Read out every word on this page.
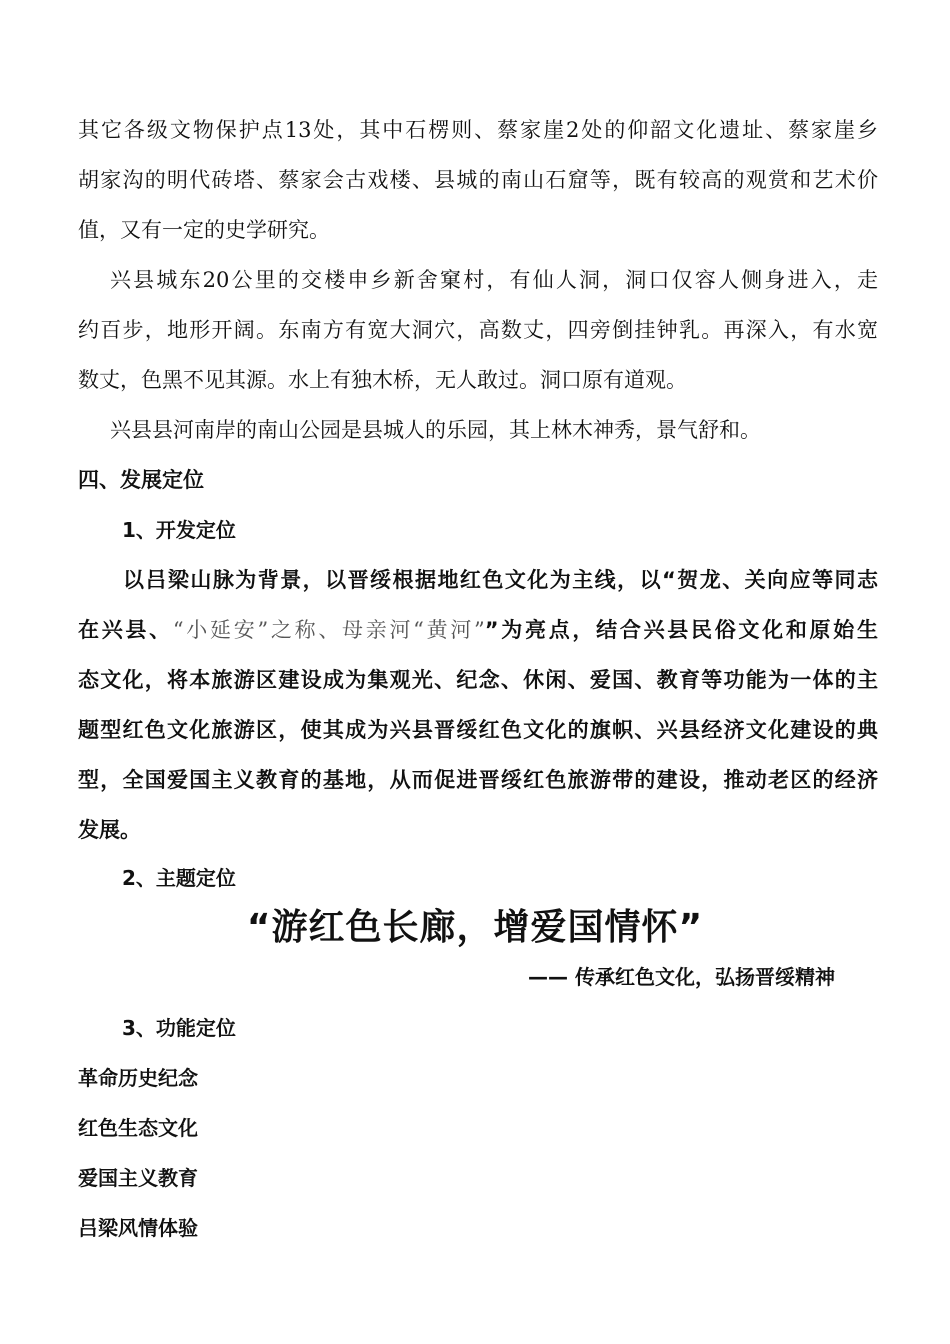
其它各级文物保护点13处，其中石楞则、蔡家崖2处的仰韶文化遗址、蔡家崖乡
胡家沟的明代砖塔、蔡家会古戏楼、县城的南山石窟等，既有较高的观赏和艺术价
值，又有一定的史学研究。
兴县城东20公里的交楼申乡新舍窠村，有仙人洞，洞口仅容人侧身进入，走
约百步，地形开阔。东南方有宽大洞穴，高数丈，四旁倒挂钟乳。再深入，有水宽
数丈，色黑不见其源。水上有独木桥，无人敢过。洞口原有道观。
兴县县河南岸的南山公园是县城人的乐园，其上林木神秀，景气舒和。
四、发展定位
1、开发定位
以吕梁山脉为背景，以晋绥根据地红色文化为主线，以“贺龙、关向应等同志
在兴县、“小延安”之称、母亲河“黄河””为亮点，结合兴县民俗文化和原始生
态文化，将本旅游区建设成为集观光、纪念、休闲、爱国、教育等功能为一体的主
题型红色文化旅游区，使其成为兴县晋绥红色文化的旗帜、兴县经济文化建设的典
型，全国爱国主义教育的基地，从而促进晋绥红色旅游带的建设，推动老区的经济
发展。
2、主题定位
“游红色长廊，增爱国情怀”
—— 传承红色文化，弘扬晋绥精神
3、功能定位
革命历史纪念
红色生态文化
爱国主义教育
吕梁风情体验
